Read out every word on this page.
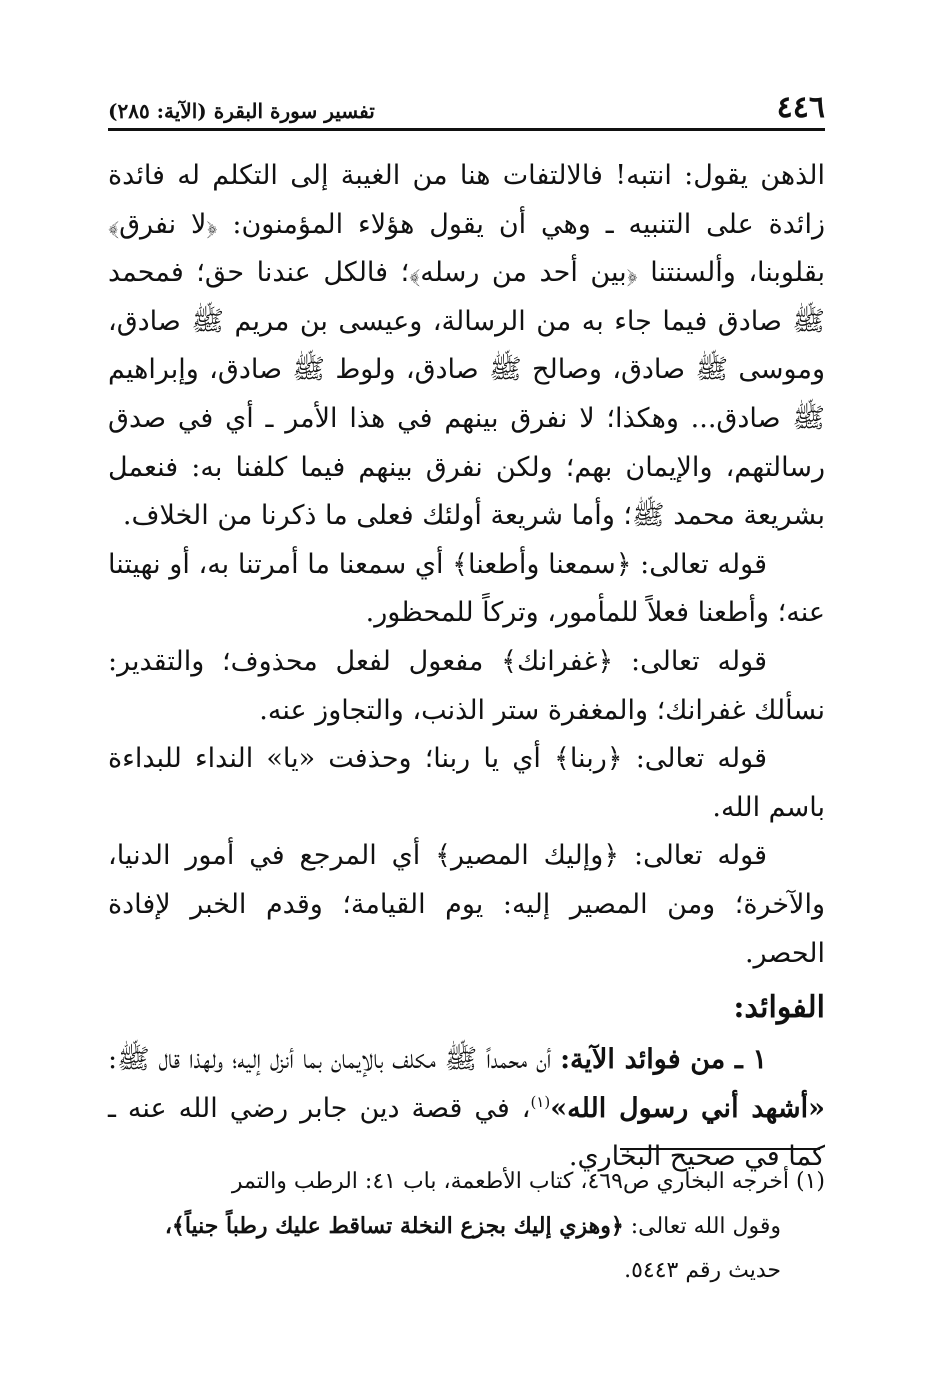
٤٤٦
تفسير سورة البقرة (الآية: ٢٨٥)

الذهن يقول: انتبه! فالالتفات هنا من الغيبة إلى التكلم له فائدة زائدة على التنبيه ـ وهي أن يقول هؤلاء المؤمنون: ﴿لا نفرق﴾ بقلوبنا، وألسنتنا ﴿بين أحد من رسله﴾؛ فالكل عندنا حق؛ فمحمد ﷺ صادق فيما جاء به من الرسالة، وعيسى بن مريم ﷺ صادق، وموسى ﷺ صادق، وصالح ﷺ صادق، ولوط ﷺ صادق، وإبراهيم ﷺ صادق... وهكذا؛ لا نفرق بينهم في هذا الأمر ـ أي في صدق رسالتهم، والإيمان بهم؛ ولكن نفرق بينهم فيما كلفنا به: فنعمل بشريعة محمد ﷺ؛ وأما شريعة أولئك فعلى ما ذكرنا من الخلاف.

قوله تعالى: ﴿سمعنا وأطعنا﴾ أي سمعنا ما أمرتنا به، أو نهيتنا عنه؛ وأطعنا فعلاً للمأمور، وتركاً للمحظور.

قوله تعالى: ﴿غفرانك﴾ مفعول لفعل محذوف؛ والتقدير: نسألك غفرانك؛ والمغفرة ستر الذنب، والتجاوز عنه.

قوله تعالى: ﴿ربنا﴾ أي يا ربنا؛ وحذفت «يا» النداء للبداءة باسم الله.

قوله تعالى: ﴿وإليك المصير﴾ أي المرجع في أمور الدنيا، والآخرة؛ ومن المصير إليه: يوم القيامة؛ وقدم الخبر لإفادة الحصر.

الفوائد:

١ ـ من فوائد الآية: أن محمداً ﷺ مكلف بالإيمان بما أنزل إليه؛ ولهذا قال ﷺ: «أشهد أني رسول الله»$^{(١)}$، في قصة دين جابر رضي الله عنه ـ كما في صحيح البخاري.

(١) أخرجه البخاري ص٤٦٩، كتاب الأطعمة، باب ٤١: الرطب والتمر

وقول الله تعالى: ﴿وهزي إليك بجزع النخلة تساقط عليك رطباً جنياً﴾،

حديث رقم ٥٤٤٣.
